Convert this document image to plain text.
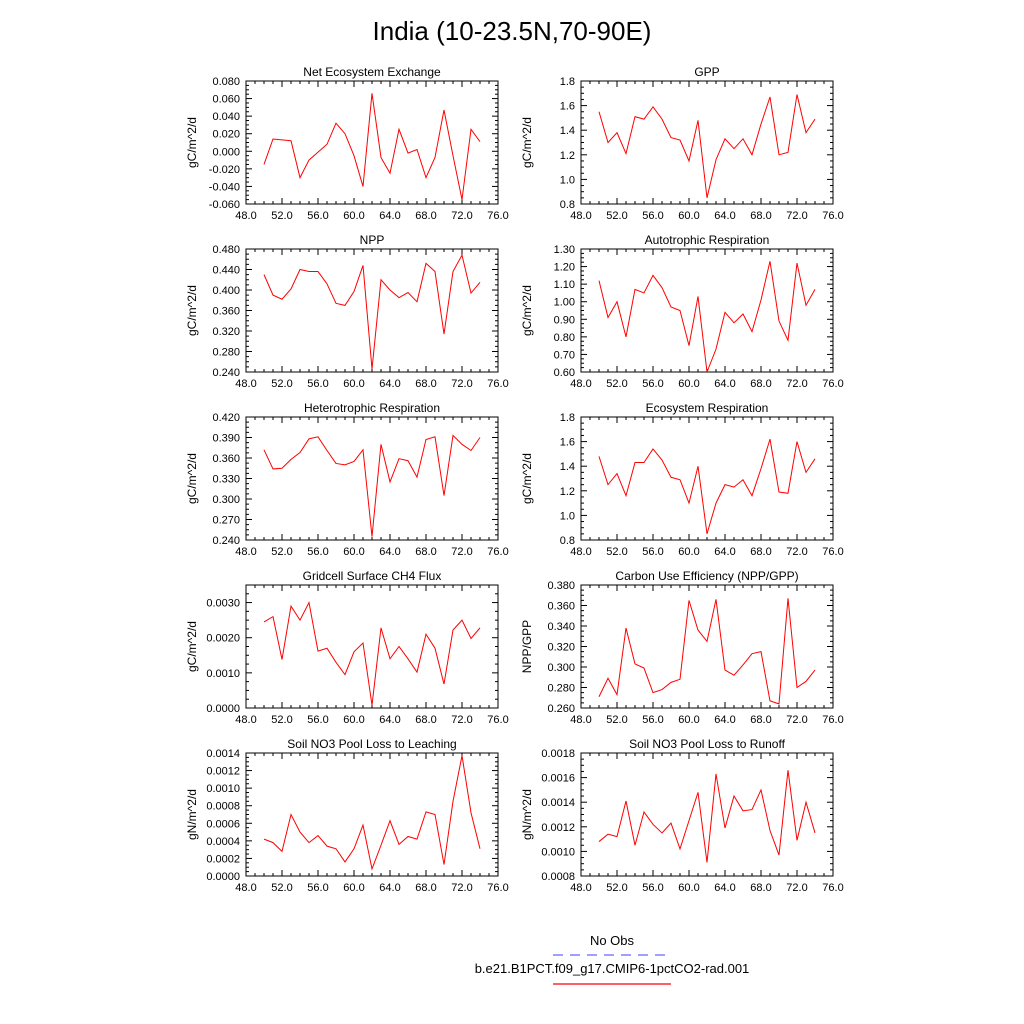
India (10-23.5N,70-90E)
Net Ecosystem Exchange
48.0 52.0 56.0 60.0 64.0 68.0 72.0 76.0
-0.060
-0.040
-0.020
0.000
0.020
0.040
0.060
0.080
gC/m^2/d
GPP
48.0 52.0 56.0 60.0 64.0 68.0 72.0 76.0
0.8
1.0
1.2
1.4
1.6
1.8
gC/m^2/d
NPP
48.0 52.0 56.0 60.0 64.0 68.0 72.0 76.0
0.240
0.280
0.320
0.360
0.400
0.440
0.480
gC/m^2/d
Autotrophic Respiration
48.0 52.0 56.0 60.0 64.0 68.0 72.0 76.0
0.60
0.70
0.80
0.90
1.00
1.10
1.20
1.30
gC/m^2/d
Heterotrophic Respiration
48.0 52.0 56.0 60.0 64.0 68.0 72.0 76.0
0.240
0.270
0.300
0.330
0.360
0.390
0.420
gC/m^2/d
Ecosystem Respiration
48.0 52.0 56.0 60.0 64.0 68.0 72.0 76.0
0.8
1.0
1.2
1.4
1.6
1.8
gC/m^2/d
Gridcell Surface CH4 Flux
48.0 52.0 56.0 60.0 64.0 68.0 72.0 76.0
0.0000
0.0010
0.0020
0.0030
gC/m^2/d
Carbon Use Efficiency (NPP/GPP)
48.0 52.0 56.0 60.0 64.0 68.0 72.0 76.0
0.260
0.280
0.300
0.320
0.340
0.360
0.380
NPP/GPP
Soil NO3 Pool Loss to Leaching
48.0 52.0 56.0 60.0 64.0 68.0 72.0 76.0
0.0000
0.0002
0.0004
0.0006
0.0008
0.0010
0.0012
0.0014
gN/m^2/d
Soil NO3 Pool Loss to Runoff
48.0 52.0 56.0 60.0 64.0 68.0 72.0 76.0
0.0008
0.0010
0.0012
0.0014
0.0016
0.0018
gN/m^2/d
No Obs
b.e21.B1PCT.f09_g17.CMIP6-1pctCO2-rad.001
